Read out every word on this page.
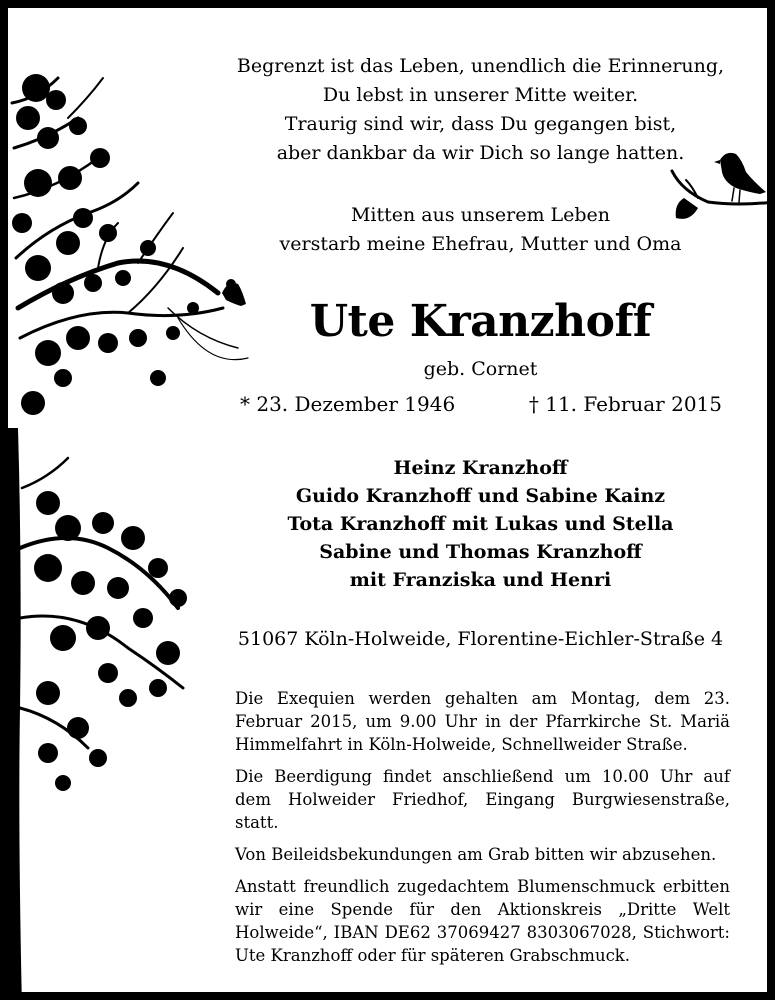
Begrenzt ist das Leben, unendlich die Erinnerung,
Du lebst in unserer Mitte weiter.
Traurig sind wir, dass Du gegangen bist,
aber dankbar da wir Dich so lange hatten.
Mitten aus unserem Leben
verstarb meine Ehefrau, Mutter und Oma
Ute Kranzhoff
geb. Cornet
* 23. Dezember 1946	† 11. Februar 2015
Heinz Kranzhoff
Guido Kranzhoff und Sabine Kainz
Tota Kranzhoff mit Lukas und Stella
Sabine und Thomas Kranzhoff
mit Franziska und Henri
51067 Köln-Holweide, Florentine-Eichler-Straße 4

Die Exequien werden gehalten am Montag, dem 23. Februar 2015, um 9.00 Uhr in der Pfarrkirche St. Mariä Himmelfahrt in Köln-Holweide, Schnellweider Straße.

Die Beerdigung findet anschließend um 10.00 Uhr auf dem Holweider Friedhof, Eingang Burgwiesenstraße, statt.

Von Beileidsbekundungen am Grab bitten wir abzusehen.

Anstatt freundlich zugedachtem Blumenschmuck erbitten wir eine Spende für den Aktionskreis „Dritte Welt Holweide“, IBAN DE62 37069427 8303067028, Stichwort: Ute Kranzhoff oder für späteren Grabschmuck.
